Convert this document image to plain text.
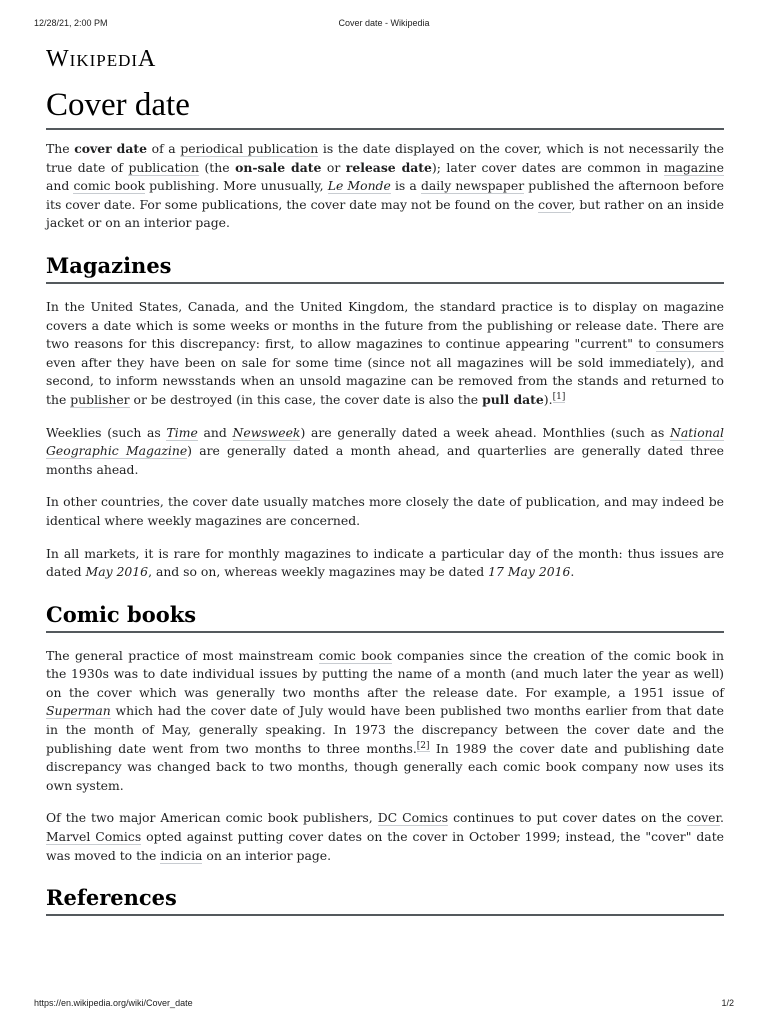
12/28/21, 2:00 PM	Cover date - Wikipedia
WIKIPEDIA
Cover date

The cover date of a periodical publication is the date displayed on the cover, which is not necessarily the true date of publication (the on-sale date or release date); later cover dates are common in magazine and comic book publishing. More unusually, Le Monde is a daily newspaper published the afternoon before its cover date. For some publications, the cover date may not be found on the cover, but rather on an inside jacket or on an interior page.

Magazines

In the United States, Canada, and the United Kingdom, the standard practice is to display on magazine covers a date which is some weeks or months in the future from the publishing or release date. There are two reasons for this discrepancy: first, to allow magazines to continue appearing "current" to consumers even after they have been on sale for some time (since not all magazines will be sold immediately), and second, to inform newsstands when an unsold magazine can be removed from the stands and returned to the publisher or be destroyed (in this case, the cover date is also the pull date).[1]

Weeklies (such as Time and Newsweek) are generally dated a week ahead. Monthlies (such as National Geographic Magazine) are generally dated a month ahead, and quarterlies are generally dated three months ahead.

In other countries, the cover date usually matches more closely the date of publication, and may indeed be identical where weekly magazines are concerned.

In all markets, it is rare for monthly magazines to indicate a particular day of the month: thus issues are dated May 2016, and so on, whereas weekly magazines may be dated 17 May 2016.

Comic books

The general practice of most mainstream comic book companies since the creation of the comic book in the 1930s was to date individual issues by putting the name of a month (and much later the year as well) on the cover which was generally two months after the release date. For example, a 1951 issue of Superman which had the cover date of July would have been published two months earlier from that date in the month of May, generally speaking. In 1973 the discrepancy between the cover date and the publishing date went from two months to three months.[2] In 1989 the cover date and publishing date discrepancy was changed back to two months, though generally each comic book company now uses its own system.

Of the two major American comic book publishers, DC Comics continues to put cover dates on the cover. Marvel Comics opted against putting cover dates on the cover in October 1999; instead, the "cover" date was moved to the indicia on an interior page.

References
https://en.wikipedia.org/wiki/Cover_date	1/2
